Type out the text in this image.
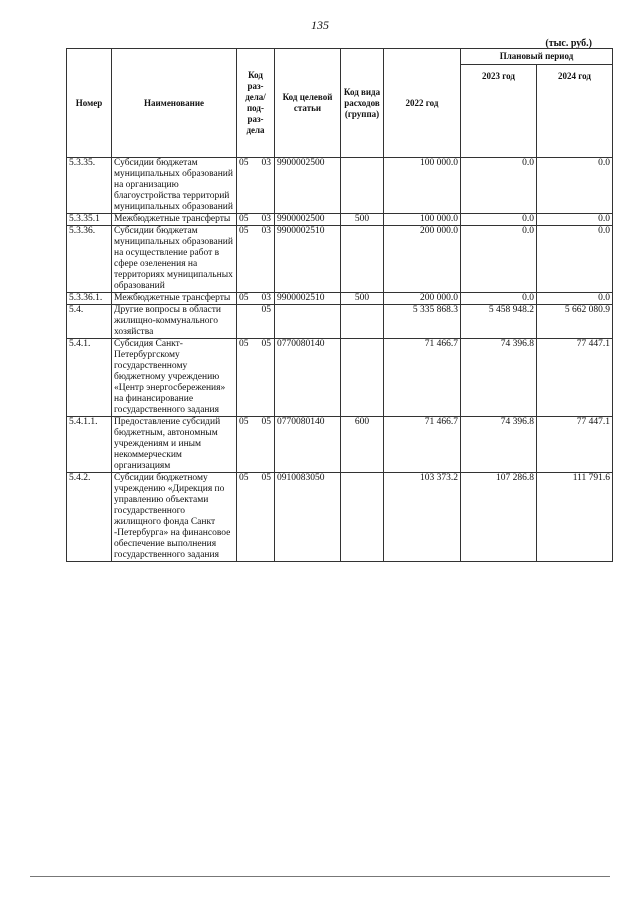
135
(тыс. руб.)
Номер	Наименование	Код раз-дела/ под-раз-дела	Код целевой статьи	Код вида расходов (группа)	2022 год	Плановый период	
						2023 год	2024 год
5.3.35.	Субсидии бюджетам муниципальных образований на организацию благоустройства территорий муниципальных образований	05 03	9900002500		100 000.0	0.0	0.0
5.3.35.1	Межбюджетные трансферты	05 03	9900002500	500	100 000.0	0.0	0.0
5.3.36.	Субсидии бюджетам муниципальных образований на осуществление работ в сфере озеленения на территориях муниципальных образований	05 03	9900002510		200 000.0	0.0	0.0
5.3.36.1.	Межбюджетные трансферты	05 03	9900002510	500	200 000.0	0.0	0.0
5.4.	Другие вопросы в области жилищно-коммунального хозяйства	05			5 335 868.3	5 458 948.2	5 662 080.9
5.4.1.	Субсидия Санкт-Петербургскому государственному бюджетному учреждению «Центр энергосбережения» на финансирование государственного задания	05 05	0770080140		71 466.7	74 396.8	77 447.1
5.4.1.1.	Предоставление субсидий бюджетным, автономным учреждениям и иным некоммерческим организациям	05 05	0770080140	600	71 466.7	74 396.8	77 447.1
5.4.2.	Субсидии бюджетному учреждению «Дирекция по управлению объектами государственного жилищного фонда Санкт -Петербурга» на финансовое обеспечение выполнения государственного задания	05 05	0910083050		103 373.2	107 286.8	111 791.6
